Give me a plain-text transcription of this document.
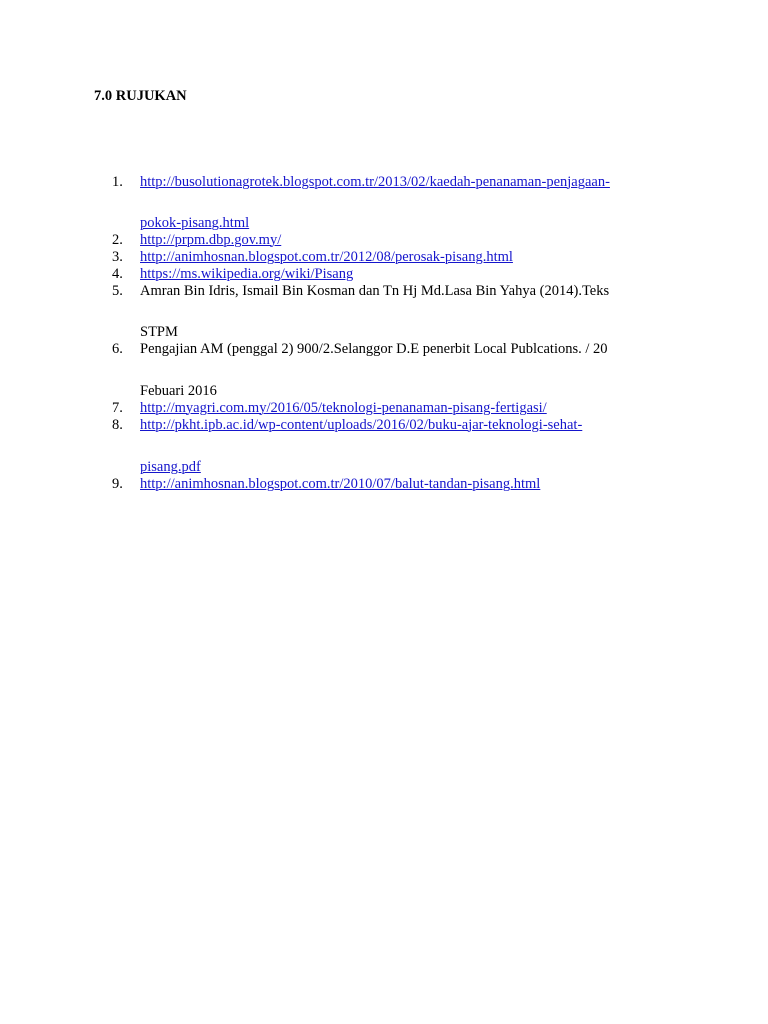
7.0 RUJUKAN
1.	http://busolutionagrotek.blogspot.com.tr/2013/02/kaedah-penanaman-penjagaan-
pokok-pisang.html
2.	http://prpm.dbp.gov.my/
3.	http://animhosnan.blogspot.com.tr/2012/08/perosak-pisang.html
4.	https://ms.wikipedia.org/wiki/Pisang
5.	Amran Bin Idris, Ismail Bin Kosman dan Tn Hj Md.Lasa Bin Yahya (2014).Teks
STPM
6.	Pengajian AM (penggal 2) 900/2.Selanggor D.E penerbit Local Publcations. / 20
Febuari 2016
7.	http://myagri.com.my/2016/05/teknologi-penanaman-pisang-fertigasi/
8.	http://pkht.ipb.ac.id/wp-content/uploads/2016/02/buku-ajar-teknologi-sehat-
pisang.pdf
9.	http://animhosnan.blogspot.com.tr/2010/07/balut-tandan-pisang.html
